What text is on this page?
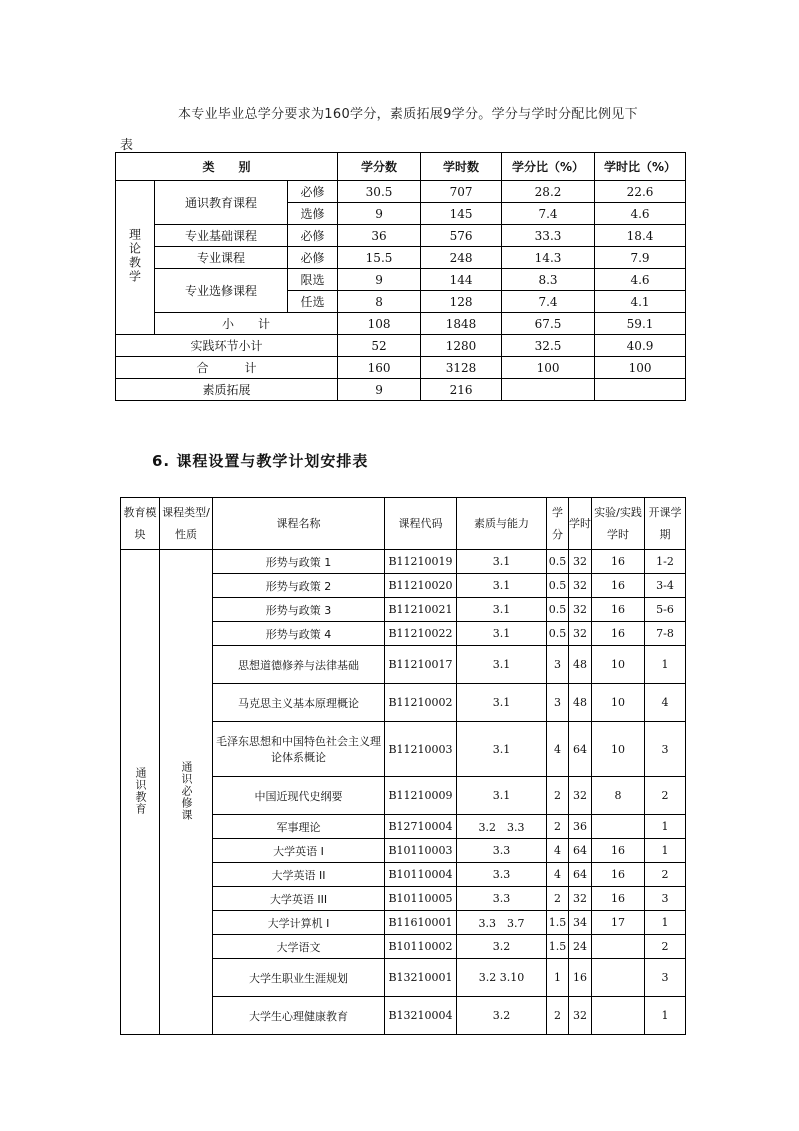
本专业毕业总学分要求为160学分，素质拓展9学分。学分与学时分配比例见下
表
类　　别			学分数	学时数	学分比（%）	学时比（%）
理论教学	通识教育课程	必修	30.5	707	28.2	22.6
		选修	9	145	7.4	4.6
	专业基础课程	必修	36	576	33.3	18.4
	专业课程	必修	15.5	248	14.3	7.9
	专业选修课程	限选	9	144	8.3	4.6
		任选	8	128	7.4	4.1
	小　　计		108	1848	67.5	59.1
实践环节小计			52	1280	32.5	40.9
合　　　计			160	3128	100	100
素质拓展			9	216		
6. 课程设置与教学计划安排表
教育模块	课程类型/性质	课程名称	课程代码	素质与能力	学分	学时	实验/实践学时	开课学期
通识教育	通识必修课	形势与政策 1	B11210019	3.1	0.5	32	16	1-2
		形势与政策 2	B11210020	3.1	0.5	32	16	3-4
		形势与政策 3	B11210021	3.1	0.5	32	16	5-6
		形势与政策 4	B11210022	3.1	0.5	32	16	7-8
		思想道德修养与法律基础	B11210017	3.1	3	48	10	1
		马克思主义基本原理概论	B11210002	3.1	3	48	10	4
		毛泽东思想和中国特色社会主义理论体系概论	B11210003	3.1	4	64	10	3
		中国近现代史纲要	B11210009	3.1	2	32	8	2
		军事理论	B12710004	3.2　3.3	2	36		1
		大学英语 I	B10110003	3.3	4	64	16	1
		大学英语 II	B10110004	3.3	4	64	16	2
		大学英语 III	B10110005	3.3	2	32	16	3
		大学计算机 I	B11610001	3.3　3.7	1.5	34	17	1
		大学语文	B10110002	3.2	1.5	24		2
		大学生职业生涯规划	B13210001	3.2 3.10	1	16		3
		大学生心理健康教育	B13210004	3.2	2	32		1
